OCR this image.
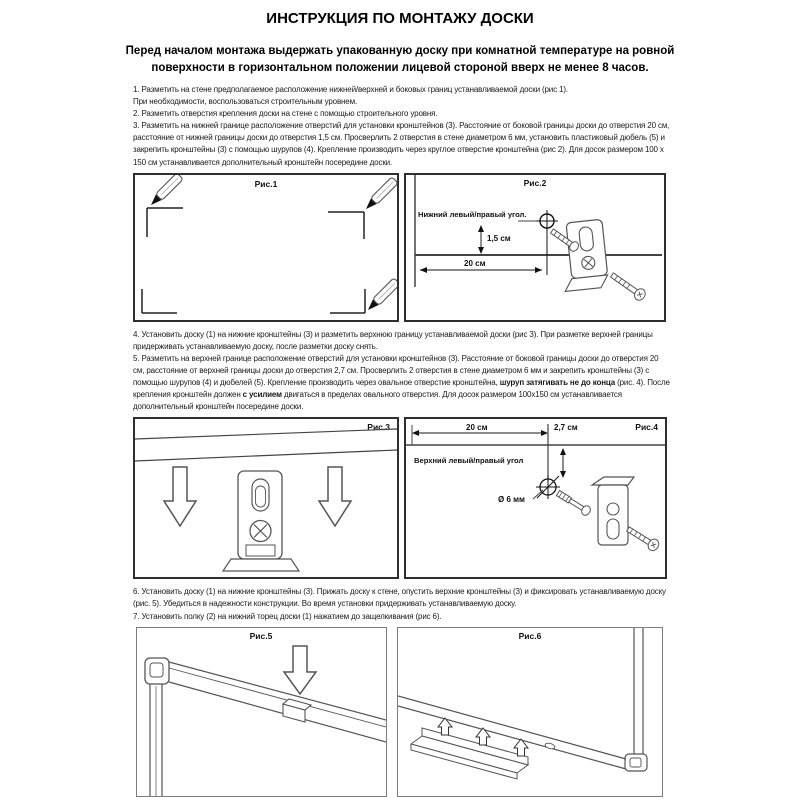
ИНСТРУКЦИЯ ПО МОНТАЖУ ДОСКИ

Перед началом монтажа выдержать упакованную доску при комнатной температуре на ровной поверхности в горизонтальном положении лицевой стороной вверх не менее 8 часов.

1. Разметить на стене предполагаемое расположение нижней/верхней и боковых границ устанавливаемой доски (рис 1).
При необходимости, воспользоваться строительным уровнем.

2. Разметить отверстия крепления доски на стене с помощью строительного уровня.

3. Разметить на нижней границе расположение отверстий для установки кронштейнов (3). Расстояние от боковой границы доски до отверстия 20 см, расстояние от нижней границы доски до отверстия 1,5 см. Просверлить 2 отверстия в стене диаметром 6 мм, установить пластиковый дюбель (5) и закрепить кронштейны (3) с помощью шурупов (4). Крепление производить через круглое отверстие кронштейна (рис 2). Для досок размером 100 х 150 см устанавливается дополнительный кронштейн посередине доски.

Рис.1	Рис.2
Нижний левый/правый угол.
1,5 см
20 см

4. Установить доску (1) на нижние кронштейны (3) и разметить верхнюю границу устанавливаемой доски (рис 3). При разметке верхней границы придерживать устанавливаемую доску, после разметки доску снять.

5. Разметить на верхней границе расположение отверстий для установки кронштейнов (3). Расстояние от боковой границы доски до отверстия 20 см, расстояние от верхней границы доски до отверстия 2,7 см. Просверлить 2 отверстия в стене диаметром 6 мм и закрепить кронштейны (3) с помощью шурупов (4) и дюбелей (5). Крепление производить через овальное отверстие кронштейна, шуруп затягивать не до конца (рис. 4). После крепления кронштейн должен с усилием двигаться в пределах овального отверстия. Для досок размером 100х150 см устанавливается дополнительный кронштейн посередине доски.

Рис.3	Рис.4
20 см	2,7 см
Верхний левый/правый угол
Ø 6 мм

6. Установить доску (1) на нижние кронштейны (3). Прижать доску к стене, опустить верхние кронштейны (3) и фиксировать устанавливаемую доску (рис. 5). Убедиться в надежности конструкции. Во время установки придерживать устанавливаемую доску.

7. Установить полку (2) на нижний торец доски (1) нажатием до защелкивания (рис 6).

Рис.5	Рис.6
